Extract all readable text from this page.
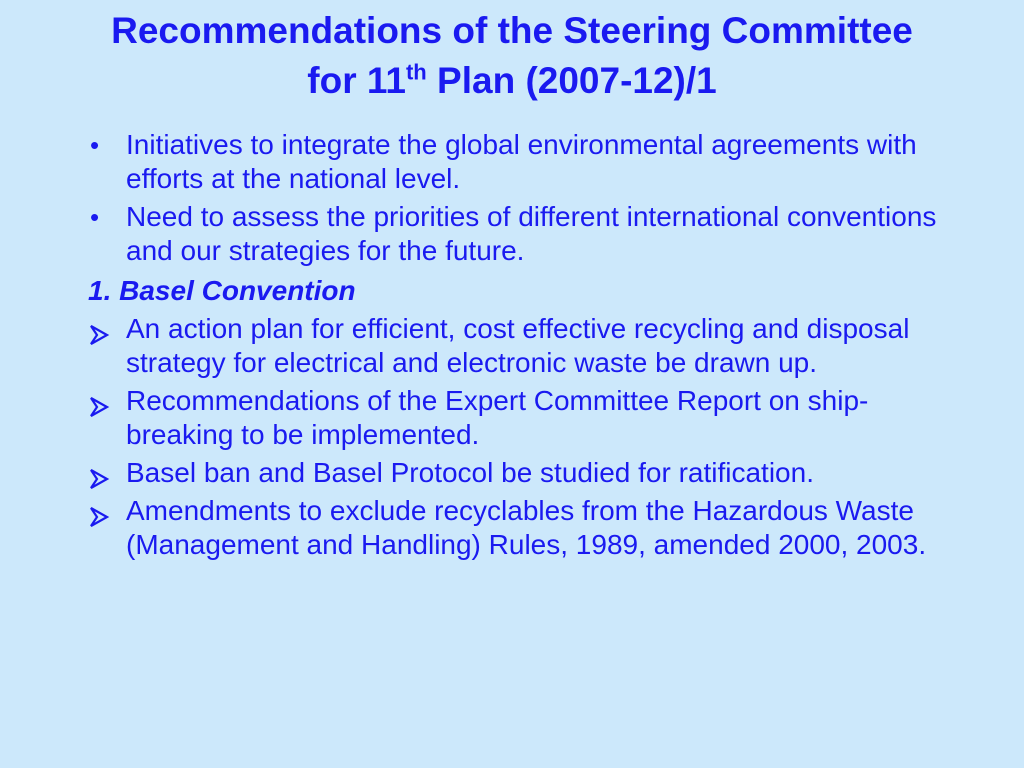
Recommendations of the Steering Committee
for 11th Plan (2007-12)/1
• Initiatives to integrate the global environmental agreements with efforts at the national level.
• Need to assess the priorities of different international conventions and our strategies for the future.
1. Basel Convention
An action plan for efficient, cost effective recycling and disposal strategy for electrical and electronic waste be drawn up.
Recommendations of the Expert Committee Report on ship-breaking to be implemented.
Basel ban and Basel Protocol be studied for ratification.
Amendments to exclude recyclables from the Hazardous Waste (Management and Handling) Rules, 1989, amended 2000, 2003.
